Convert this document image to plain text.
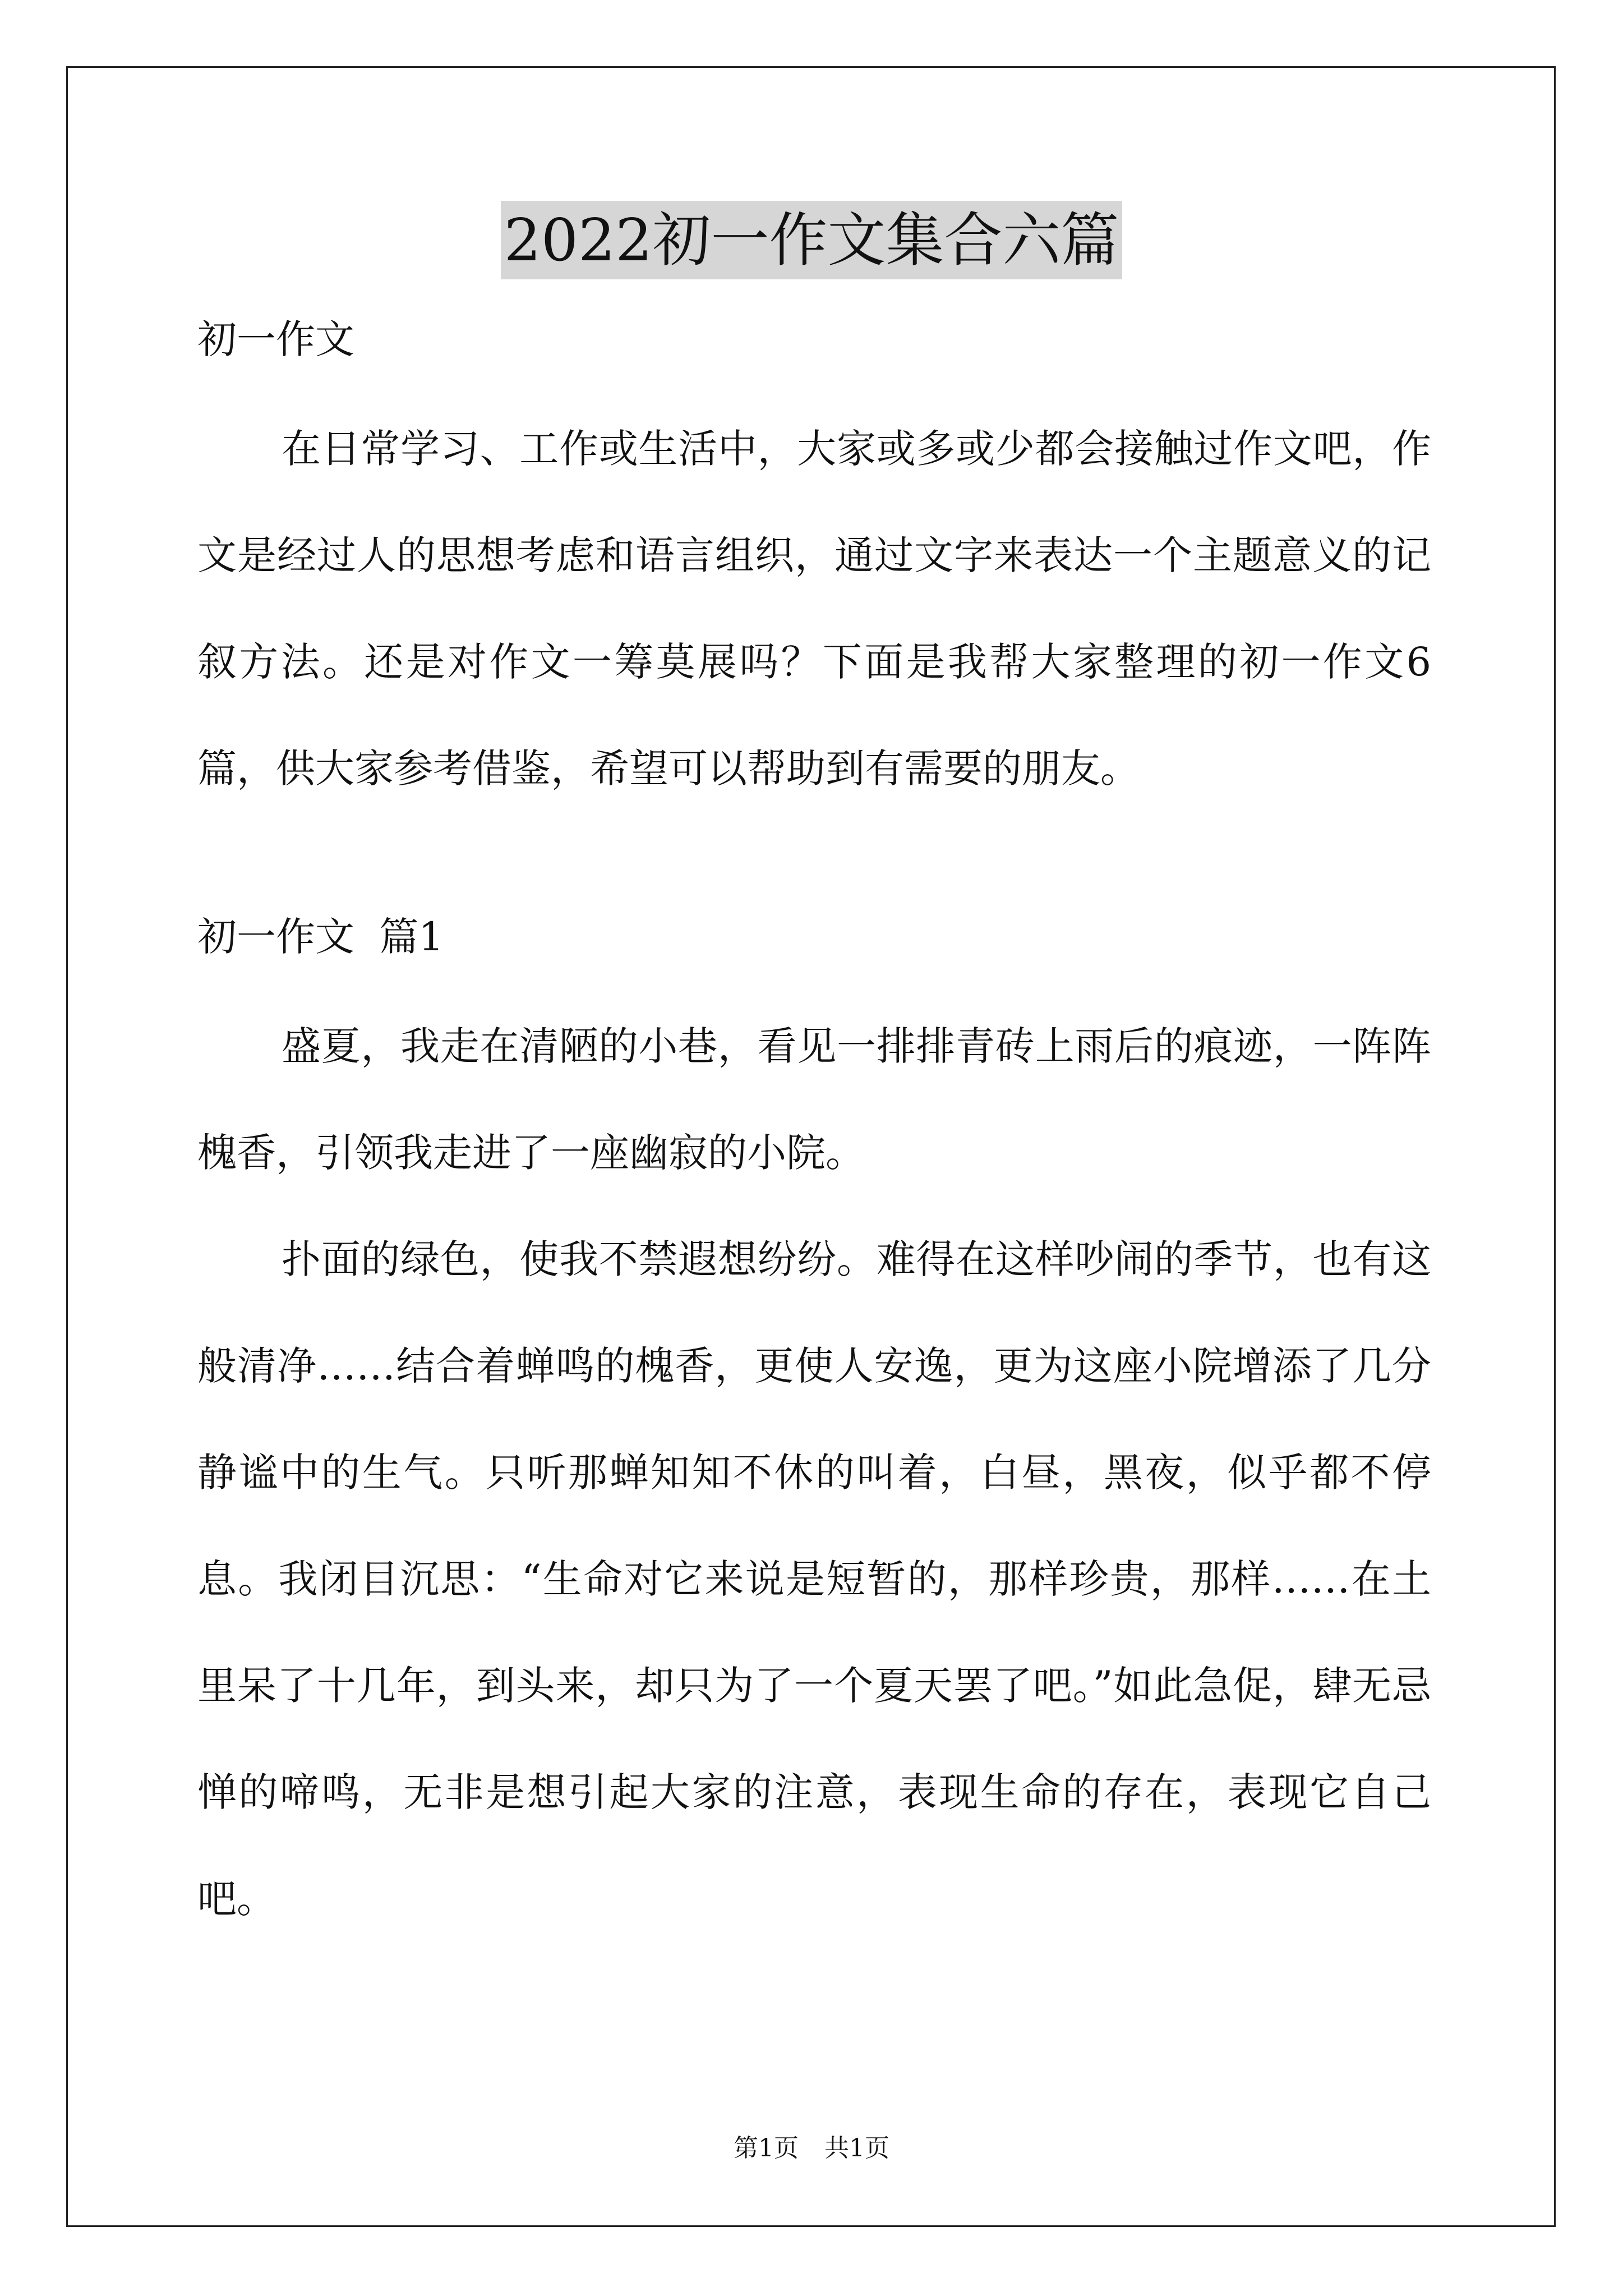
2022初一作文集合六篇

初一作文

在日常学习、工作或生活中，大家或多或少都会接触过作文吧，作文是经过人的思想考虑和语言组织，通过文字来表达一个主题意义的记叙方法。还是对作文一筹莫展吗？下面是我帮大家整理的初一作文6篇，供大家参考借鉴，希望可以帮助到有需要的朋友。

初一作文  篇1

盛夏，我走在清陋的小巷，看见一排排青砖上雨后的痕迹，一阵阵槐香，引领我走进了一座幽寂的小院。

扑面的绿色，使我不禁遐想纷纷。难得在这样吵闹的季节，也有这般清净……结合着蝉鸣的槐香，更使人安逸，更为这座小院增添了几分静谧中的生气。只听那蝉知知不休的叫着，白昼，黑夜，似乎都不停息。我闭目沉思：“生命对它来说是短暂的，那样珍贵，那样……在土里呆了十几年，到头来，却只为了一个夏天罢了吧。”如此急促，肆无忌惮的啼鸣，无非是想引起大家的注意，表现生命的存在，表现它自己吧。

第1页 共1页
